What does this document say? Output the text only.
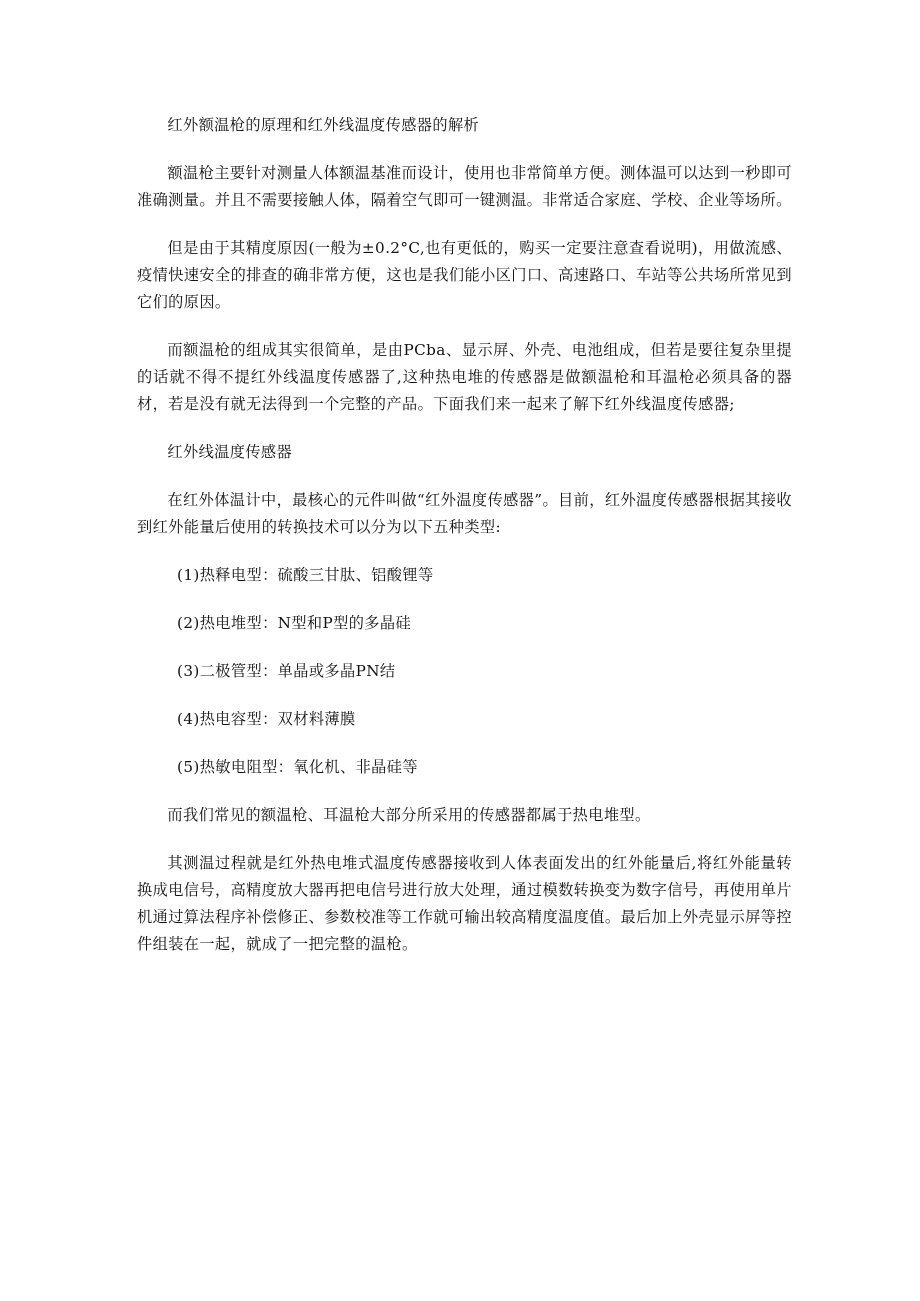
红外额温枪的原理和红外线温度传感器的解析

额温枪主要针对测量人体额温基准而设计，使用也非常简单方便。测体温可以达到一秒即可准确测量。并且不需要接触人体，隔着空气即可一键测温。非常适合家庭、学校、企业等场所。

但是由于其精度原因(一般为±0.2°C,也有更低的，购买一定要注意查看说明)，用做流感、疫情快速安全的排查的确非常方便，这也是我们能小区门口、高速路口、车站等公共场所常见到它们的原因。

而额温枪的组成其实很简单，是由PCba、显示屏、外壳、电池组成，但若是要往复杂里提的话就不得不提红外线温度传感器了,这种热电堆的传感器是做额温枪和耳温枪必须具备的器材，若是没有就无法得到一个完整的产品。下面我们来一起来了解下红外线温度传感器;

红外线温度传感器

在红外体温计中，最核心的元件叫做“红外温度传感器”。目前，红外温度传感器根据其接收到红外能量后使用的转换技术可以分为以下五种类型:

(1)热释电型：硫酸三甘肽、铝酸锂等

(2)热电堆型：N型和P型的多晶硅

(3)二极管型：单晶或多晶PN结

(4)热电容型：双材料薄膜

(5)热敏电阻型：氧化机、非晶硅等

而我们常见的额温枪、耳温枪大部分所采用的传感器都属于热电堆型。

其测温过程就是红外热电堆式温度传感器接收到人体表面发出的红外能量后,将红外能量转换成电信号，高精度放大器再把电信号进行放大处理，通过模数转换变为数字信号，再使用单片机通过算法程序补偿修正、参数校准等工作就可输出较高精度温度值。最后加上外壳显示屏等控件组装在一起，就成了一把完整的温枪。
